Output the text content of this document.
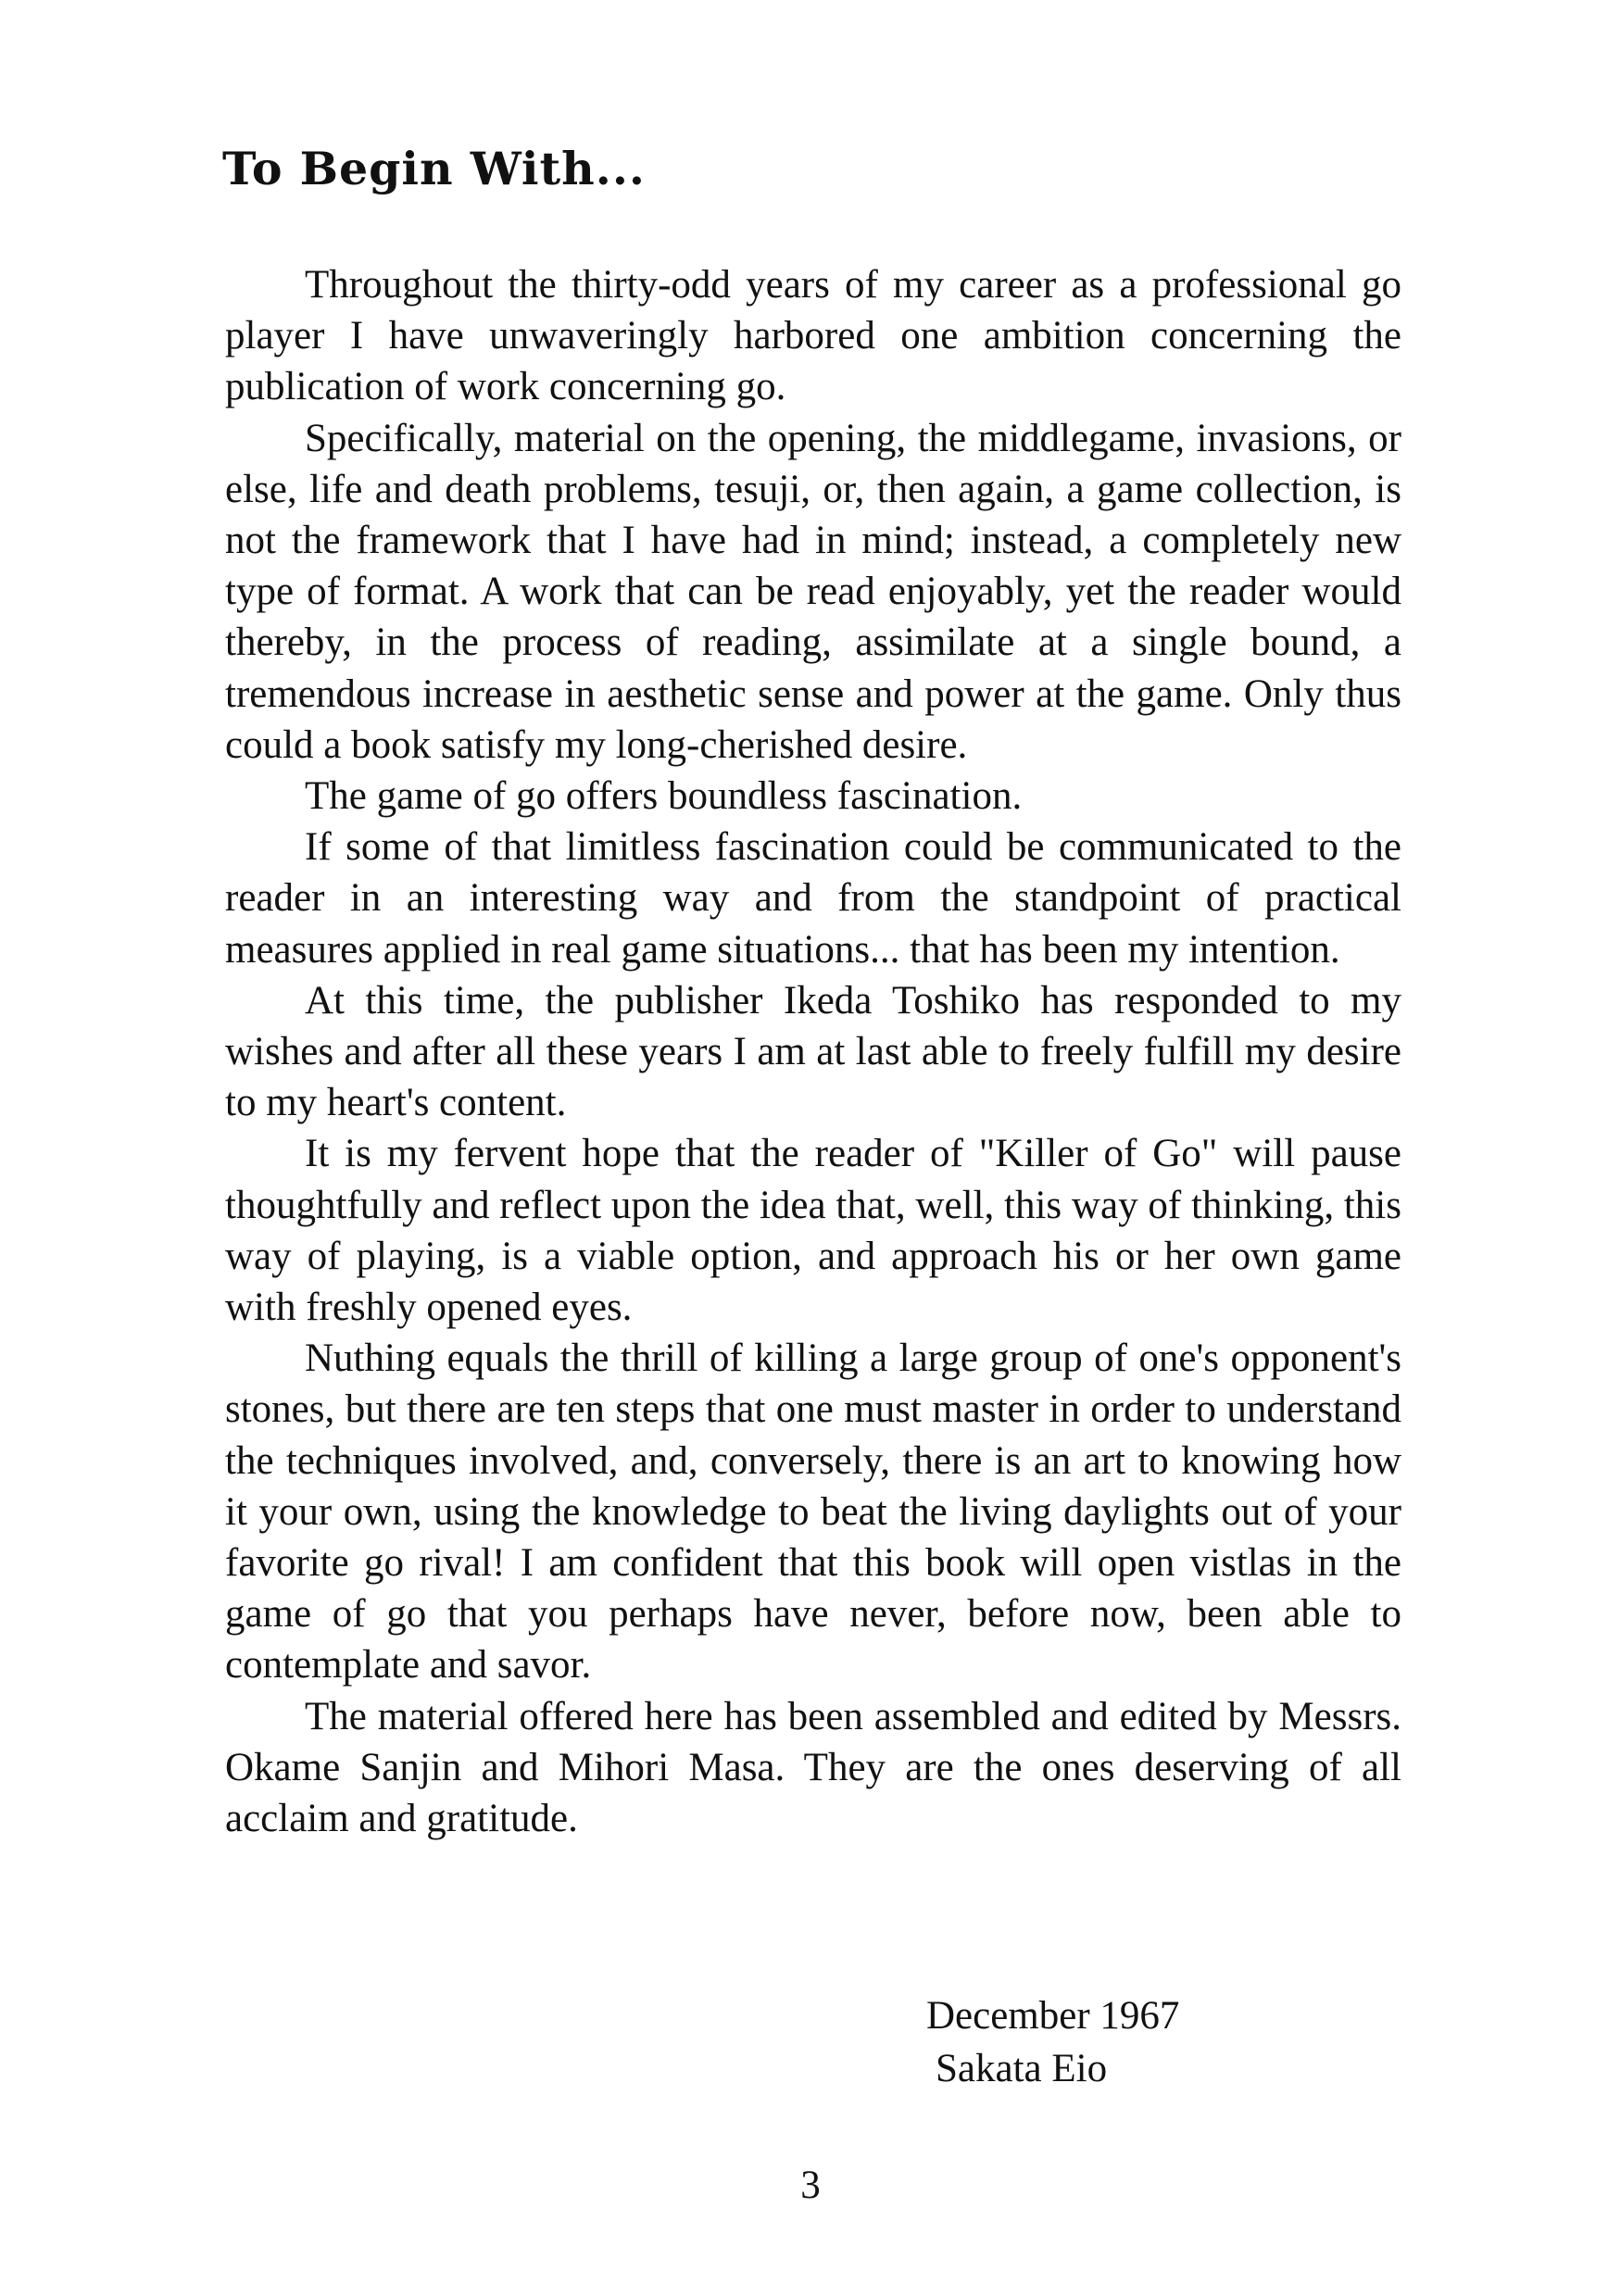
To Begin With...

Throughout the thirty-odd years of my career as a professional go player I have unwaveringly harbored one ambition concerning the publication of work concerning go.

Specifically, material on the opening, the middlegame, invasions, or else, life and death problems, tesuji, or, then again, a game collection, is not the framework that I have had in mind; instead, a completely new type of format. A work that can be read enjoyably, yet the reader would thereby, in the process of reading, assimilate at a single bound, a tremendous increase in aesthetic sense and power at the game. Only thus could a book satisfy my long-cherished desire.

The game of go offers boundless fascination.

If some of that limitless fascination could be communicated to the reader in an interesting way and from the standpoint of practical measures applied in real game situations... that has been my intention.

At this time, the publisher Ikeda Toshiko has responded to my wishes and after all these years I am at last able to freely fulfill my desire to my heart's content.

It is my fervent hope that the reader of "Killer of Go" will pause thoughtfully and reflect upon the idea that, well, this way of thinking, this way of playing, is a viable option, and approach his or her own game with freshly opened eyes.

Nuthing equals the thrill of killing a large group of one's opponent's stones, but there are ten steps that one must master in order to understand the techniques involved, and, conversely, there is an art to knowing how it your own, using the knowledge to beat the living daylights out of your favorite go rival! I am confident that this book will open vistlas in the game of go that you perhaps have never, before now, been able to contemplate and savor.

The material offered here has been assembled and edited by Messrs. Okame Sanjin and Mihori Masa. They are the ones deserving of all acclaim and gratitude.

December 1967
Sakata Eio
3
